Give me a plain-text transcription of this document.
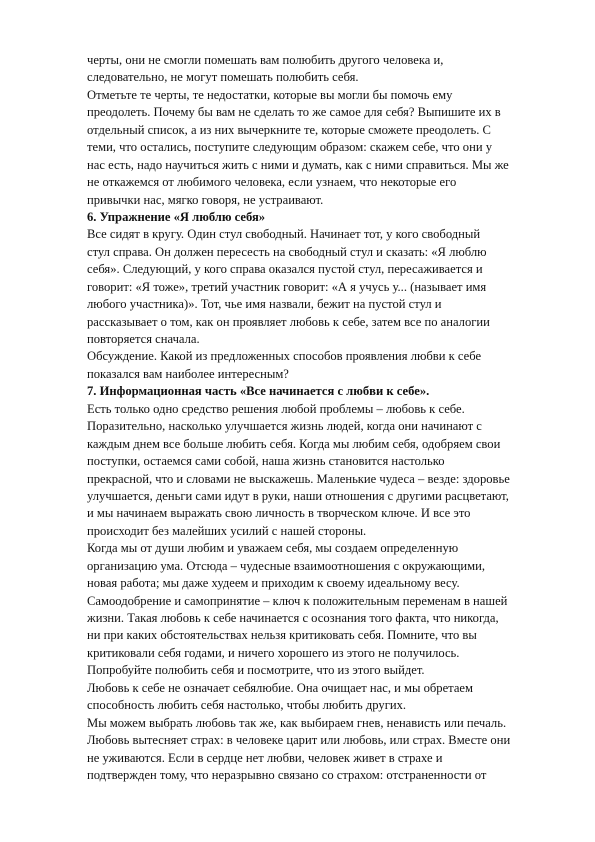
черты, они не смогли помешать вам полюбить другого человека и,
следовательно, не могут помешать полюбить себя.
Отметьте те черты, те недостатки, которые вы могли бы помочь ему
преодолеть. Почему бы вам не сделать то же самое для себя? Выпишите их в
отдельный список, а из них вычеркните те, которые сможете преодолеть. С
теми, что остались, поступите следующим образом: скажем себе, что они у
нас есть, надо научиться жить с ними и думать, как с ними справиться. Мы же
не откажемся от любимого человека, если узнаем, что некоторые его
привычки нас, мягко говоря, не устраивают.
6. Упражнение «Я люблю себя»
Все сидят в кругу. Один стул свободный. Начинает тот, у кого свободный
стул справа. Он должен пересесть на свободный стул и сказать: «Я люблю
себя». Следующий, у кого справа оказался пустой стул, пересаживается и
говорит: «Я тоже», третий участник говорит: «А я учусь у... (называет имя
любого участника)». Тот, чье имя назвали, бежит на пустой стул и
рассказывает о том, как он проявляет любовь к себе, затем все по аналогии
повторяется сначала.
Обсуждение. Какой из предложенных способов проявления любви к себе
показался вам наиболее интересным?
7. Информационная часть «Все начинается с любви к себе».
Есть только одно средство решения любой проблемы – любовь к себе.
Поразительно, насколько улучшается жизнь людей, когда они начинают с
каждым днем все больше любить себя. Когда мы любим себя, одобряем свои
поступки, остаемся сами собой, наша жизнь становится настолько
прекрасной, что и словами не выскажешь. Маленькие чудеса – везде: здоровье
улучшается, деньги сами идут в руки, наши отношения с другими расцветают,
и мы начинаем выражать свою личность в творческом ключе. И все это
происходит без малейших усилий с нашей стороны.
Когда мы от души любим и уважаем себя, мы создаем определенную
организацию ума. Отсюда – чудесные взаимоотношения с окружающими,
новая работа; мы даже худеем и приходим к своему идеальному весу.
Самоодобрение и самопринятие – ключ к положительным переменам в нашей
жизни. Такая любовь к себе начинается с осознания того факта, что никогда,
ни при каких обстоятельствах нельзя критиковать себя. Помните, что вы
критиковали себя годами, и ничего хорошего из этого не получилось.
Попробуйте полюбить себя и посмотрите, что из этого выйдет.
Любовь к себе не означает себялюбие. Она очищает нас, и мы обретаем
способность любить себя настолько, чтобы любить других.
Мы можем выбрать любовь так же, как выбираем гнев, ненависть или печаль.
Любовь вытесняет страх: в человеке царит или любовь, или страх. Вместе они
не уживаются. Если в сердце нет любви, человек живет в страхе и
подтвержден тому, что неразрывно связано со страхом: отстраненности от
